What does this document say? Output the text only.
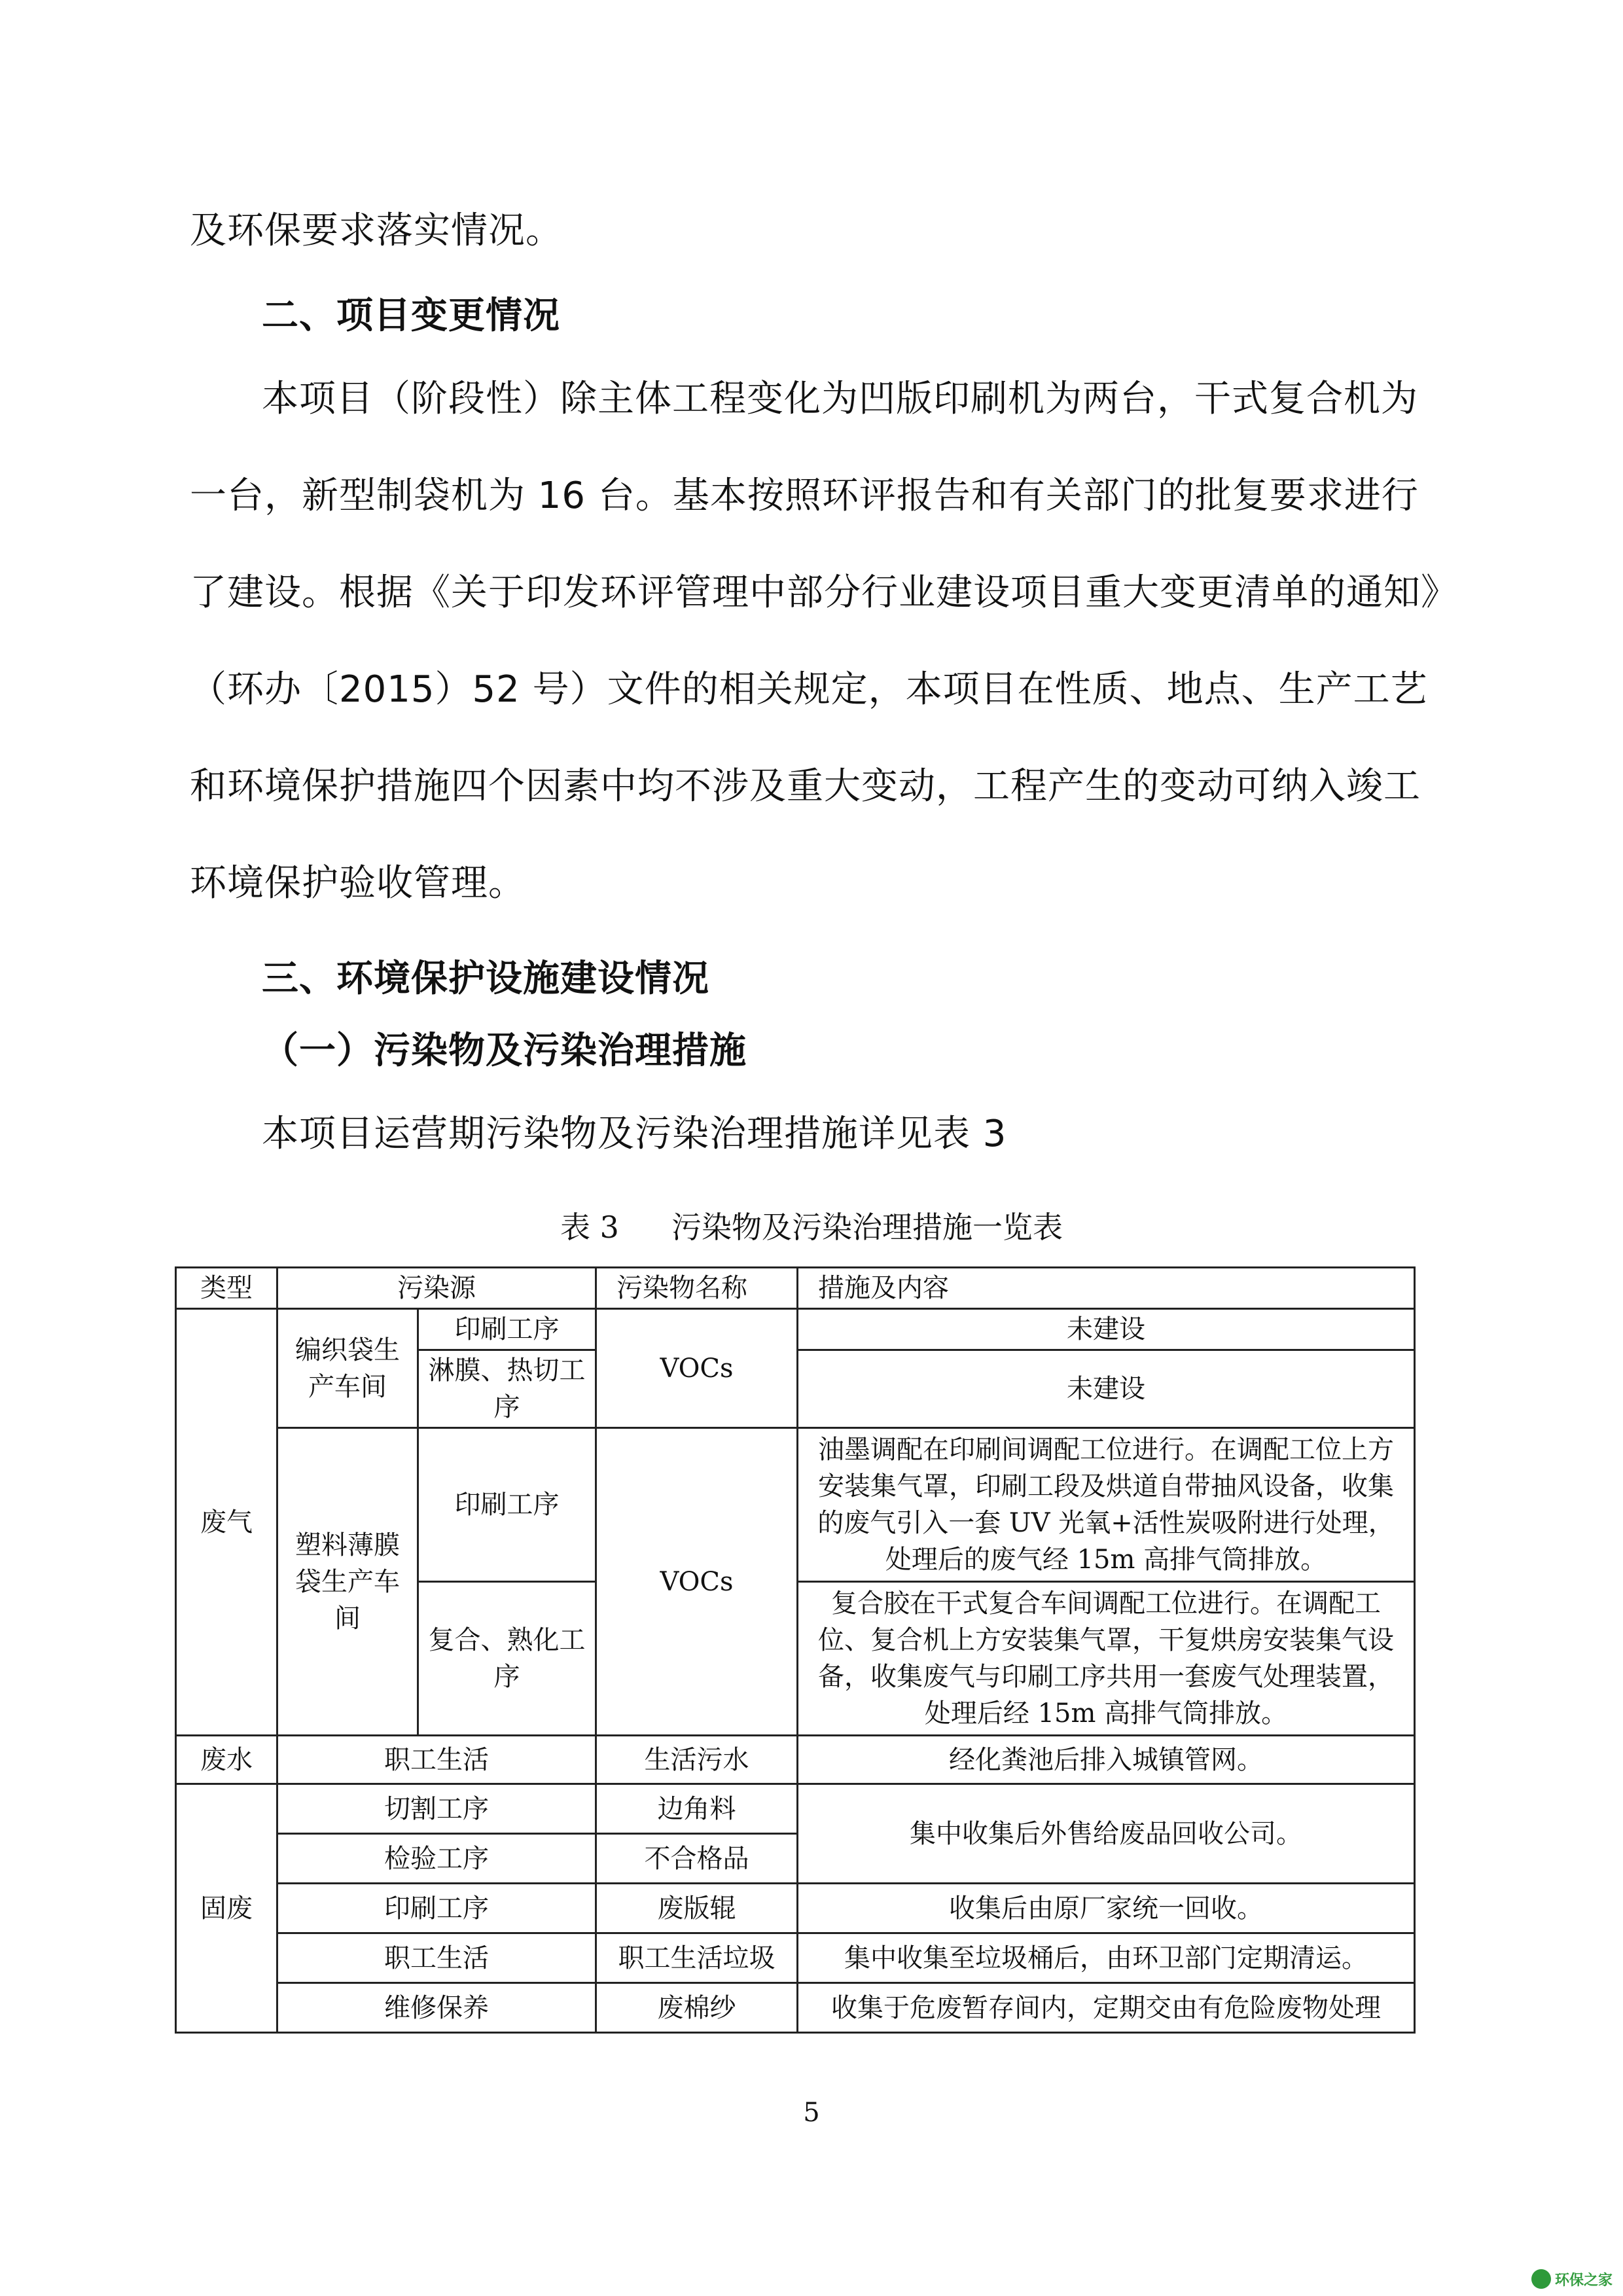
及环保要求落实情况。

二、项目变更情况

本项目（阶段性）除主体工程变化为凹版印刷机为两台，干式复合机为

一台，新型制袋机为 16 台。基本按照环评报告和有关部门的批复要求进行

了建设。根据《关于印发环评管理中部分行业建设项目重大变更清单的通知》

（环办〔2015）52 号）文件的相关规定，本项目在性质、地点、生产工艺

和环境保护措施四个因素中均不涉及重大变动，工程产生的变动可纳入竣工

环境保护验收管理。

三、环境保护设施建设情况

（一）污染物及污染治理措施

本项目运营期污染物及污染治理措施详见表 3

表 3 污染物及污染治理措施一览表
类型	污染源		污染物名称	措施及内容
废气	编织袋生产车间	印刷工序	VOCs	未建设
		淋膜、热切工序		未建设
	塑料薄膜袋生产车间	印刷工序	VOCs	油墨调配在印刷间调配工位进行。在调配工位上方安装集气罩，印刷工段及烘道自带抽风设备，收集的废气引入一套 UV 光氧+活性炭吸附进行处理，处理后的废气经 15m 高排气筒排放。
		复合、熟化工序		复合胶在干式复合车间调配工位进行。在调配工位、复合机上方安装集气罩，干复烘房安装集气设备，收集废气与印刷工序共用一套废气处理装置，处理后经 15m 高排气筒排放。
废水	职工生活		生活污水	经化粪池后排入城镇管网。
固废	切割工序		边角料	集中收集后外售给废品回收公司。
	检验工序		不合格品	
	印刷工序		废版辊	收集后由原厂家统一回收。
	职工生活		职工生活垃圾	集中收集至垃圾桶后，由环卫部门定期清运。
	维修保养		废棉纱	收集于危废暂存间内，定期交由有危险废物处理
5
环保之家
